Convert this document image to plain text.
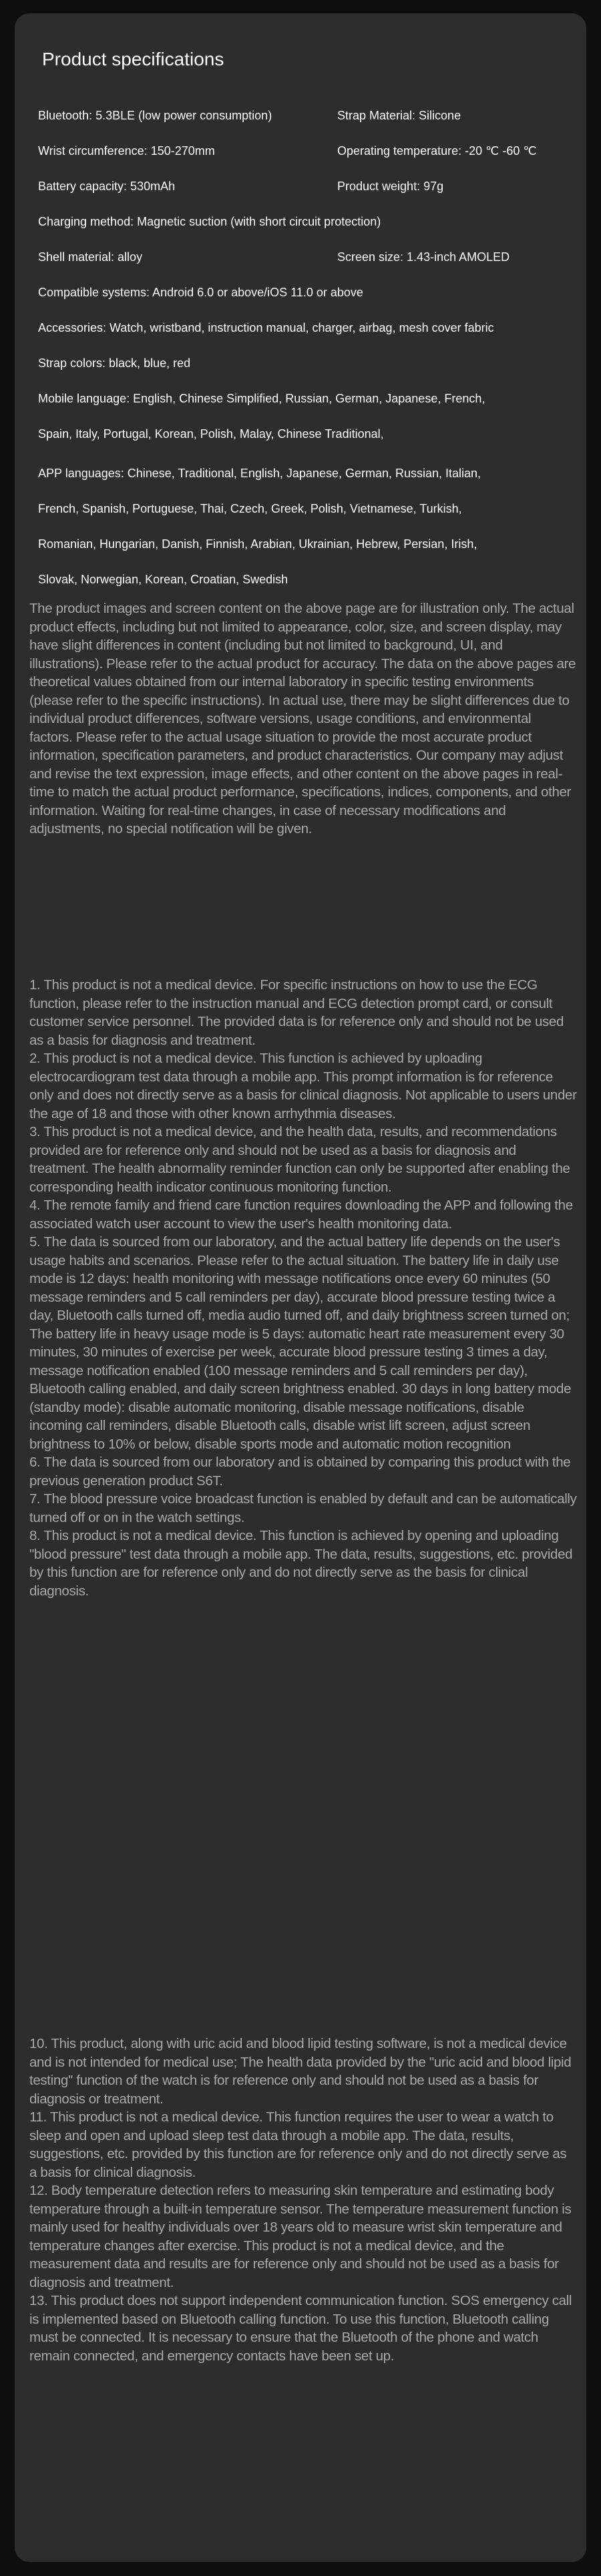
Product specifications

Bluetooth: 5.3BLE (low power consumption)	Strap Material: Silicone

Wrist circumference: 150-270mm	Operating temperature: -20 ℃ -60 ℃

Battery capacity: 530mAh	Product weight: 97g

Charging method: Magnetic suction (with short circuit protection)

Shell material: alloy	Screen size: 1.43-inch AMOLED

Compatible systems: Android 6.0 or above/iOS 11.0 or above

Accessories: Watch, wristband, instruction manual, charger, airbag, mesh cover fabric

Strap colors: black, blue, red

Mobile language: English, Chinese Simplified, Russian, German, Japanese, French,

Spain, Italy, Portugal, Korean, Polish, Malay, Chinese Traditional,

APP languages: Chinese, Traditional, English, Japanese, German, Russian, Italian,

French, Spanish, Portuguese, Thai, Czech, Greek, Polish, Vietnamese, Turkish,

Romanian, Hungarian, Danish, Finnish, Arabian, Ukrainian, Hebrew, Persian, Irish,

Slovak, Norwegian, Korean, Croatian, Swedish

The product images and screen content on the above page are for illustration only. The actual product effects, including but not limited to appearance, color, size, and screen display, may have slight differences in content (including but not limited to background, UI, and illustrations). Please refer to the actual product for accuracy. The data on the above pages are theoretical values obtained from our internal laboratory in specific testing environments (please refer to the specific instructions). In actual use, there may be slight differences due to individual product differences, software versions, usage conditions, and environmental factors. Please refer to the actual usage situation to provide the most accurate product information, specification parameters, and product characteristics. Our company may adjust and revise the text expression, image effects, and other content on the above pages in real-time to match the actual product performance, specifications, indices, components, and other information. Waiting for real-time changes, in case of necessary modifications and adjustments, no special notification will be given.

1. This product is not a medical device. For specific instructions on how to use the ECG function, please refer to the instruction manual and ECG detection prompt card, or consult customer service personnel. The provided data is for reference only and should not be used as a basis for diagnosis and treatment.

2. This product is not a medical device. This function is achieved by uploading electrocardiogram test data through a mobile app. This prompt information is for reference only and does not directly serve as a basis for clinical diagnosis. Not applicable to users under the age of 18 and those with other known arrhythmia diseases.

3. This product is not a medical device, and the health data, results, and recommendations provided are for reference only and should not be used as a basis for diagnosis and treatment. The health abnormality reminder function can only be supported after enabling the corresponding health indicator continuous monitoring function.

4. The remote family and friend care function requires downloading the APP and following the associated watch user account to view the user's health monitoring data.

5. The data is sourced from our laboratory, and the actual battery life depends on the user's usage habits and scenarios. Please refer to the actual situation. The battery life in daily use mode is 12 days: health monitoring with message notifications once every 60 minutes (50 message reminders and 5 call reminders per day), accurate blood pressure testing twice a day, Bluetooth calls turned off, media audio turned off, and daily brightness screen turned on; The battery life in heavy usage mode is 5 days: automatic heart rate measurement every 30 minutes, 30 minutes of exercise per week, accurate blood pressure testing 3 times a day, message notification enabled (100 message reminders and 5 call reminders per day), Bluetooth calling enabled, and daily screen brightness enabled. 30 days in long battery mode (standby mode): disable automatic monitoring, disable message notifications, disable incoming call reminders, disable Bluetooth calls, disable wrist lift screen, adjust screen brightness to 10% or below, disable sports mode and automatic motion recognition

6. The data is sourced from our laboratory and is obtained by comparing this product with the previous generation product S6T.

7. The blood pressure voice broadcast function is enabled by default and can be automatically turned off or on in the watch settings.

8. This product is not a medical device. This function is achieved by opening and uploading "blood pressure" test data through a mobile app. The data, results, suggestions, etc. provided by this function are for reference only and do not directly serve as the basis for clinical diagnosis.

10. This product, along with uric acid and blood lipid testing software, is not a medical device and is not intended for medical use; The health data provided by the "uric acid and blood lipid testing" function of the watch is for reference only and should not be used as a basis for diagnosis or treatment.

11. This product is not a medical device. This function requires the user to wear a watch to sleep and open and upload sleep test data through a mobile app. The data, results, suggestions, etc. provided by this function are for reference only and do not directly serve as a basis for clinical diagnosis.

12. Body temperature detection refers to measuring skin temperature and estimating body temperature through a built-in temperature sensor. The temperature measurement function is mainly used for healthy individuals over 18 years old to measure wrist skin temperature and temperature changes after exercise. This product is not a medical device, and the measurement data and results are for reference only and should not be used as a basis for diagnosis and treatment.

13. This product does not support independent communication function. SOS emergency call is implemented based on Bluetooth calling function. To use this function, Bluetooth calling must be connected. It is necessary to ensure that the Bluetooth of the phone and watch remain connected, and emergency contacts have been set up.
